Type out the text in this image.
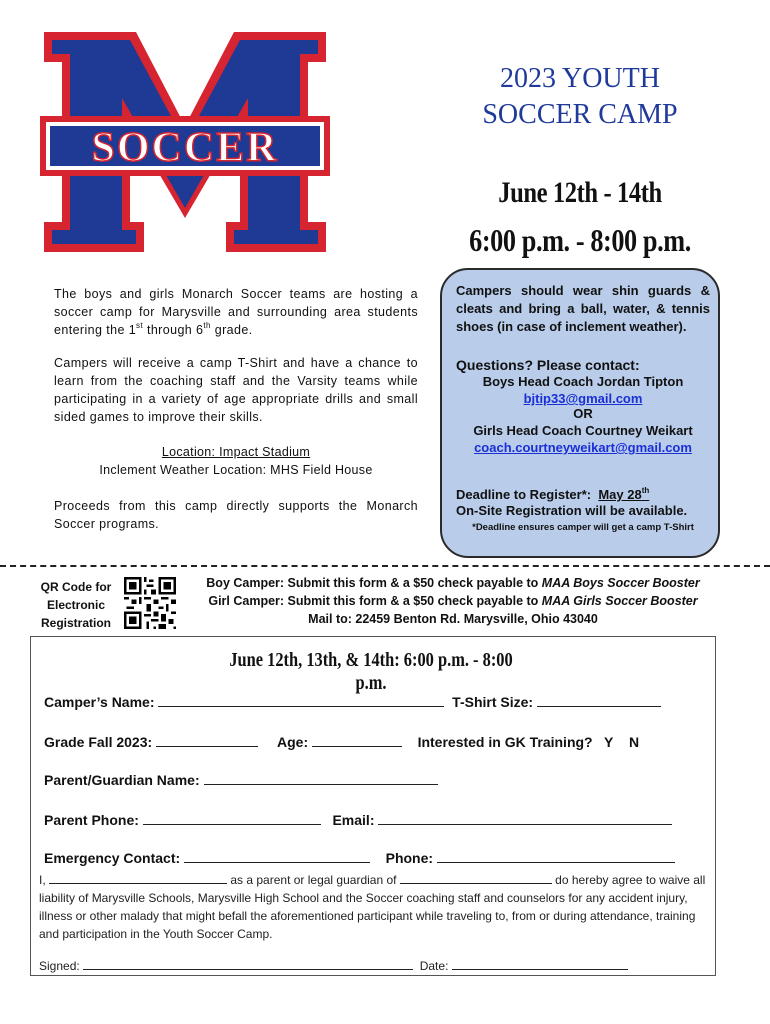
SOCCER
2023 YOUTH
SOCCER CAMP
June 12th - 14th
6:00 p.m. - 8:00 p.m.
The boys and girls Monarch Soccer teams are hosting a soccer camp for Marysville and surrounding area students entering the 1st through 6th grade.
Campers will receive a camp T-Shirt and have a chance to learn from the coaching staff and the Varsity teams while participating in a variety of age appropriate drills and small sided games to improve their skills.
Location: Impact Stadium
Inclement Weather Location: MHS Field House
Proceeds from this camp directly supports the Monarch Soccer programs.
Campers should wear shin guards & cleats and bring a ball, water, & tennis shoes (in case of inclement weather).
Questions? Please contact:
Boys Head Coach Jordan Tipton
bjtip33@gmail.com
OR
Girls Head Coach Courtney Weikart
coach.courtneyweikart@gmail.com
Deadline to Register*: May 28th
On-Site Registration will be available.
*Deadline ensures camper will get a camp T-Shirt
QR Code for
Electronic
Registration
Boy Camper: Submit this form & a $50 check payable to MAA Boys Soccer Booster
Girl Camper: Submit this form & a $50 check payable to MAA Girls Soccer Booster
Mail to: 22459 Benton Rd. Marysville, Ohio 43040
June 12th, 13th, & 14th: 6:00 p.m. - 8:00 p.m.
Camper’s Name:	T-Shirt Size:
Grade Fall 2023:	Age:	Interested in GK Training? Y N
Parent/Guardian Name:
Parent Phone:	Email:
Emergency Contact:	Phone:
I,	as a parent or legal guardian of	do hereby agree to waive all liability of Marysville Schools, Marysville High School and the Soccer coaching staff and counselors for any accident injury, illness or other malady that might befall the aforementioned participant while traveling to, from or during attendance, training and participation in the Youth Soccer Camp.
Signed:	Date:
